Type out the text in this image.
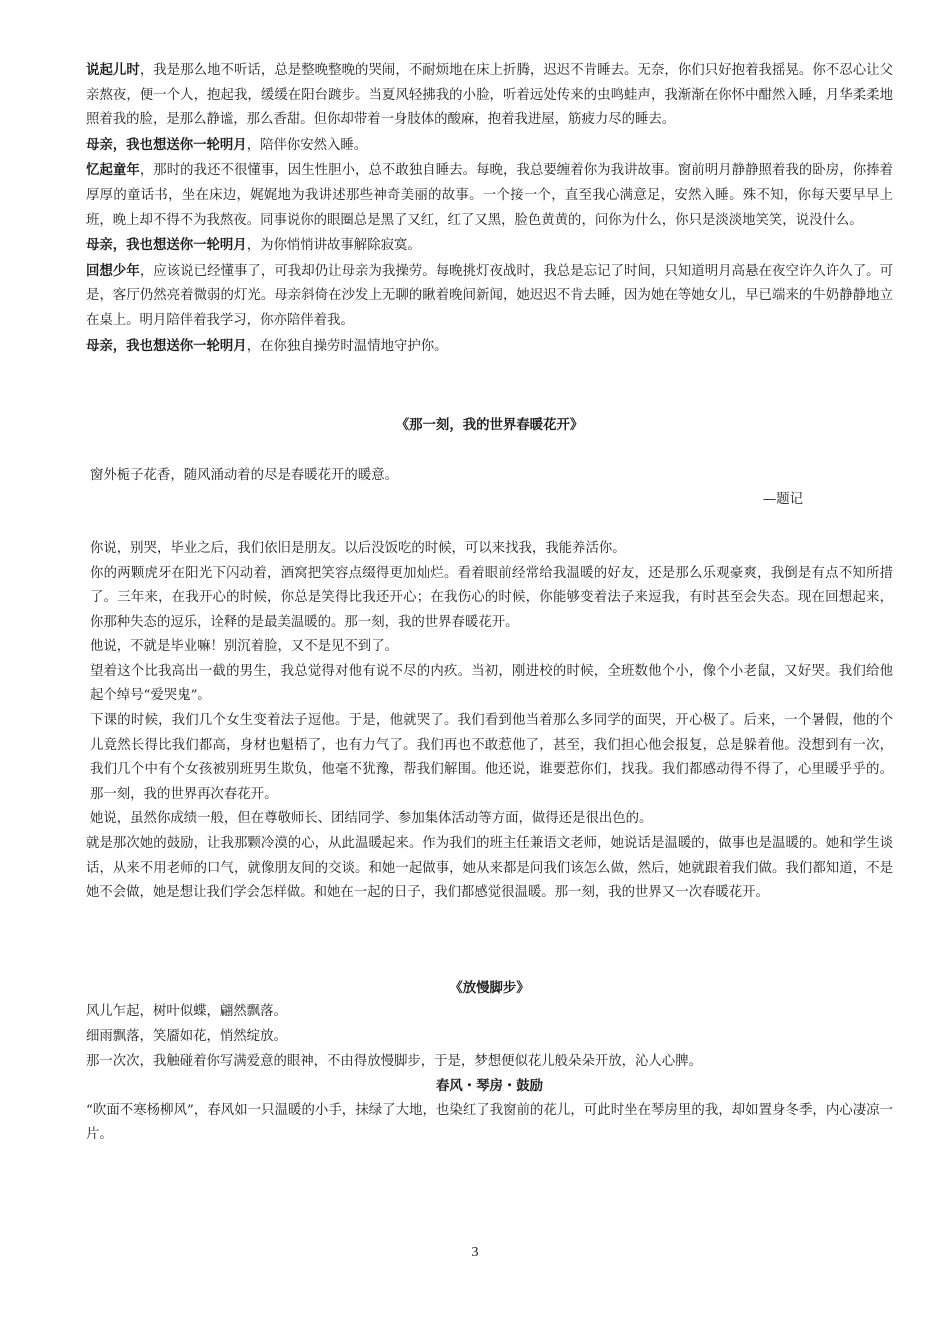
说起儿时，我是那么地不听话，总是整晚整晚的哭闹，不耐烦地在床上折腾，迟迟不肯睡去。无奈，你们只好抱着我摇晃。你不忍心让父亲熬夜，便一个人，抱起我，缓缓在阳台踱步。当夏风轻拂我的小脸，听着远处传来的虫鸣蛙声，我渐渐在你怀中酣然入睡，月华柔柔地照着我的脸，是那么静谧，那么香甜。但你却带着一身肢体的酸麻，抱着我进屋，筋疲力尽的睡去。

母亲，我也想送你一轮明月，陪伴你安然入睡。

忆起童年，那时的我还不很懂事，因生性胆小，总不敢独自睡去。每晚，我总要缠着你为我讲故事。窗前明月静静照着我的卧房，你捧着厚厚的童话书，坐在床边，娓娓地为我讲述那些神奇美丽的故事。一个接一个，直至我心满意足，安然入睡。殊不知，你每天要早早上班，晚上却不得不为我熬夜。同事说你的眼圈总是黑了又红，红了又黑，脸色黄黄的，问你为什么，你只是淡淡地笑笑，说没什么。

母亲，我也想送你一轮明月，为你悄悄讲故事解除寂寞。

回想少年，应该说已经懂事了，可我却仍让母亲为我操劳。每晚挑灯夜战时，我总是忘记了时间，只知道明月高悬在夜空许久许久了。可是，客厅仍然亮着微弱的灯光。母亲斜倚在沙发上无聊的瞅着晚间新闻，她迟迟不肯去睡，因为她在等她女儿，早已端来的牛奶静静地立在桌上。明月陪伴着我学习，你亦陪伴着我。

母亲，我也想送你一轮明月，在你独自操劳时温情地守护你。

《那一刻，我的世界春暖花开》

窗外栀子花香，随风涌动着的尽是春暖花开的暖意。

—题记

你说，别哭，毕业之后，我们依旧是朋友。以后没饭吃的时候，可以来找我，我能养活你。

你的两颗虎牙在阳光下闪动着，酒窝把笑容点缀得更加灿烂。看着眼前经常给我温暖的好友，还是那么乐观豪爽，我倒是有点不知所措了。三年来，在我开心的时候，你总是笑得比我还开心；在我伤心的时候，你能够变着法子来逗我，有时甚至会失态。现在回想起来，你那种失态的逗乐，诠释的是最美温暖的。那一刻，我的世界春暖花开。

他说，不就是毕业嘛！别沉着脸，又不是见不到了。

望着这个比我高出一截的男生，我总觉得对他有说不尽的内疚。当初，刚进校的时候，全班数他个小，像个小老鼠，又好哭。我们给他起个绰号“爱哭鬼”。

下课的时候，我们几个女生变着法子逗他。于是，他就哭了。我们看到他当着那么多同学的面哭，开心极了。后来，一个暑假，他的个儿竟然长得比我们都高，身材也魁梧了，也有力气了。我们再也不敢惹他了，甚至，我们担心他会报复，总是躲着他。没想到有一次，我们几个中有个女孩被别班男生欺负，他毫不犹豫，帮我们解围。他还说，谁要惹你们，找我。我们都感动得不得了，心里暖乎乎的。那一刻，我的世界再次春花开。

她说，虽然你成绩一般，但在尊敬师长、团结同学、参加集体活动等方面，做得还是很出色的。

就是那次她的鼓励，让我那颗冷漠的心，从此温暖起来。作为我们的班主任兼语文老师，她说话是温暖的，做事也是温暖的。她和学生谈话，从来不用老师的口气，就像朋友间的交谈。和她一起做事，她从来都是问我们该怎么做，然后，她就跟着我们做。我们都知道，不是她不会做，她是想让我们学会怎样做。和她在一起的日子，我们都感觉很温暖。那一刻，我的世界又一次春暖花开。

《放慢脚步》

风儿乍起，树叶似蝶，翩然飘落。

细雨飘落，笑靥如花，悄然绽放。

那一次次，我触碰着你写满爱意的眼神，不由得放慢脚步，于是，梦想便似花儿般朵朵开放，沁人心脾。

春风・琴房・鼓励

“吹面不寒杨柳风”，春风如一只温暖的小手，抹绿了大地，也染红了我窗前的花儿，可此时坐在琴房里的我，却如置身冬季，内心凄凉一片。

3
